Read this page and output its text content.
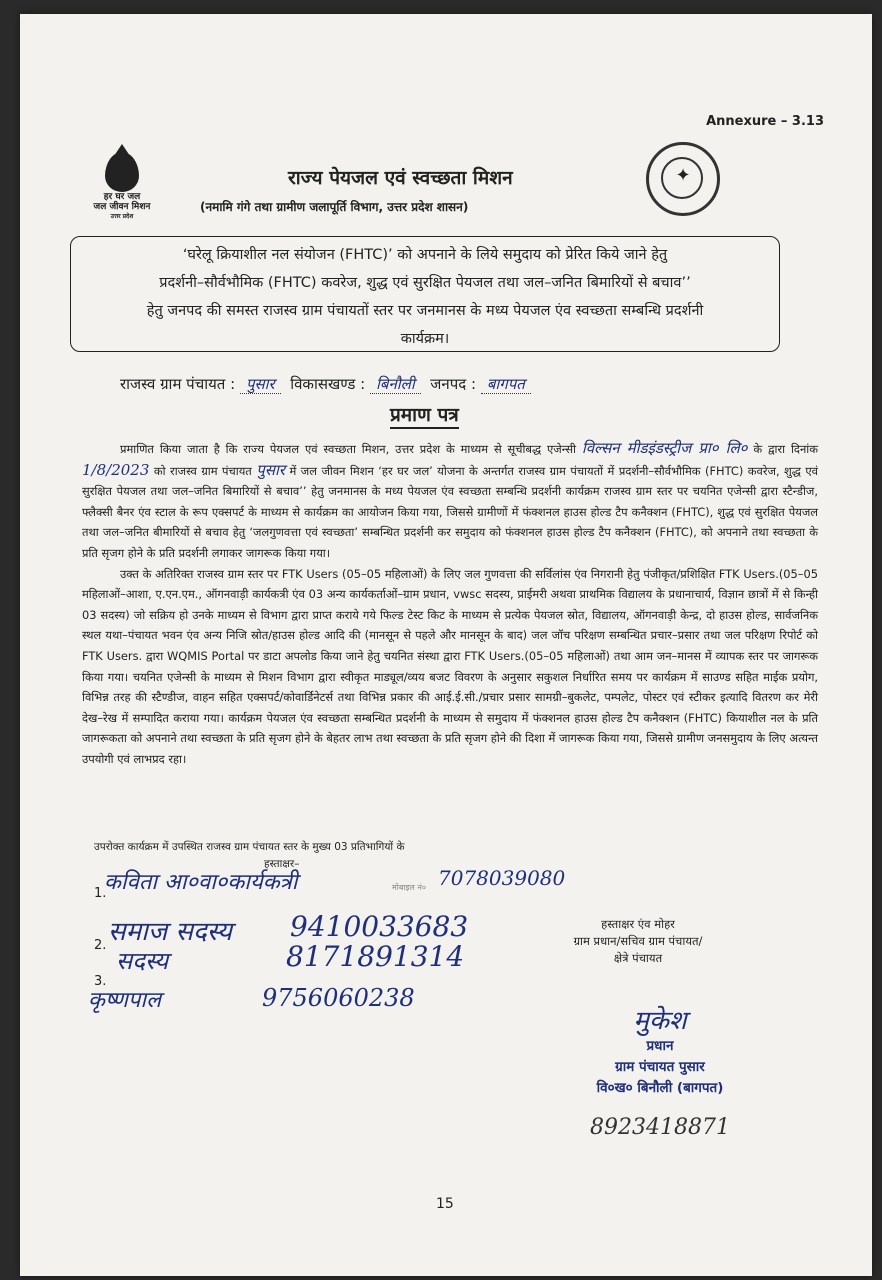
Annexure – 3.13
हर घर जल
जल जीवन मिशन
उत्तर प्रदेश
राज्य पेयजल एवं स्वच्छता मिशन
(नमामि गंगे तथा ग्रामीण जलापूर्ति विभाग, उत्तर प्रदेश शासन)
✦
‘घरेलू क्रियाशील नल संयोजन (FHTC)’ को अपनाने के लिये समुदाय को प्रेरित किये जाने हेतु
प्रदर्शनी–सौर्वभौमिक (FHTC) कवरेज, शुद्ध एवं सुरक्षित पेयजल तथा जल–जनित बिमारियों से बचाव’’
हेतु जनपद की समस्त राजस्व ग्राम पंचायतों स्तर पर जनमानस के मध्य पेयजल एंव स्वच्छता सम्बन्धि प्रदर्शनी
कार्यक्रम।
राजस्व ग्राम पंचायत : पुसार विकासखण्ड : बिनौली जनपद : बागपत
प्रमाण पत्र

प्रमाणित किया जाता है कि राज्य पेयजल एवं स्वच्छता मिशन, उत्तर प्रदेश के माध्यम से सूचीबद्ध एजेन्सी विल्सन मीडइंडस्ट्रीज प्रा० लि० के द्वारा दिनांक 1/8/2023 को राजस्व ग्राम पंचायत पुसार में जल जीवन मिशन ‘हर घर जल’ योजना के अन्तर्गत राजस्व ग्राम पंचायतों में प्रदर्शनी–सौर्वभौमिक (FHTC) कवरेज, शुद्ध एवं सुरक्षित पेयजल तथा जल–जनित बिमारियों से बचाव’’ हेतु जनमानस के मध्य पेयजल एंव स्वच्छता सम्बन्धि प्रदर्शनी कार्यक्रम राजस्व ग्राम स्तर पर चयनित एजेन्सी द्वारा स्टैन्डीज, फ्लैक्सी बैनर एंव स्टाल के रूप एक्सपर्ट के माध्यम से कार्यक्रम का आयोजन किया गया, जिससे ग्रामीणों में फंक्शनल हाउस होल्ड टैप कनैक्शन (FHTC), शुद्ध एवं सुरक्षित पेयजल तथा जल–जनित बीमारियों से बचाव हेतु ‘जलगुणवत्ता एवं स्वच्छता’ सम्बन्धित प्रदर्शनी कर समुदाय को फंक्शनल हाउस होल्ड टैप कनैक्शन (FHTC), को अपनाने तथा स्वच्छता के प्रति सृजग होने के प्रति प्रदर्शनी लगाकर जागरूक किया गया।

उक्त के अतिरिक्त राजस्व ग्राम स्तर पर FTK Users (05–05 महिलाओं) के लिए जल गुणवत्ता की सर्विलांस एंव निगरानी हेतु पंजीकृत/प्रशिक्षित FTK Users.(05–05 महिलाओं–आशा, ए.एन.एम., ऑगनवाड़ी कार्यकत्री एंव 03 अन्य कार्यकर्ताओं–ग्राम प्रधान, vwsc सदस्य, प्राईमरी अथवा प्राथमिक विद्यालय के प्रधानाचार्य, विज्ञान छात्रों में से किन्ही 03 सदस्य) जो सक्रिय हो उनके माध्यम से विभाग द्वारा प्राप्त कराये गये फिल्ड टेस्ट किट के माध्यम से प्रत्येक पेयजल स्रोत, विद्यालय, ऑगनवाड़ी केन्द्र, दो हाउस होल्ड, सार्वजनिक स्थल यथा–पंचायत भवन एंव अन्य निजि स्रोत/हाउस होल्ड आदि की (मानसून से पहले और मानसून के बाद) जल जॉच परिक्षण सम्बन्धित प्रचार–प्रसार तथा जल परिक्षण रिपोर्ट को FTK Users. द्वारा WQMIS Portal पर डाटा अपलोड किया जाने हेतु चयनित संस्था द्वारा FTK Users.(05–05 महिलाओं) तथा आम जन–मानस में व्यापक स्तर पर जागरूक किया गया। चयनित एजेन्सी के माध्यम से मिशन विभाग द्वारा स्वीकृत माड्यूल/व्यय बजट विवरण के अनुसार सकुशल निर्धारित समय पर कार्यक्रम में साउण्ड सहित माईक प्रयोग, विभिन्न तरह की स्टैण्डीज, वाहन सहित एक्सपर्ट/कोवार्डिनेटर्स तथा विभिन्न प्रकार की आई.ई.सी./प्रचार प्रसार सामग्री–बुकलेट, पम्पलेट, पोस्टर एवं स्टीकर इत्यादि वितरण कर मेरी देख–रेख में सम्पादित कराया गया। कार्यक्रम पेयजल एंव स्वच्छता सम्बन्धित प्रदर्शनी के माध्यम से समुदाय में फंक्शनल हाउस होल्ड टैप कनैक्शन (FHTC) कियाशील नल के प्रति जागरूकता को अपनाने तथा स्वच्छता के प्रति सृजग होने के बेहतर लाभ तथा स्वच्छता के प्रति सृजग होने की दिशा में जागरूक किया गया, जिससे ग्रामीण जनसमुदाय के लिए अत्यन्त उपयोगी एवं लाभप्रद रहा।

उपरोक्त कार्यक्रम में उपस्थित राजस्व ग्राम पंचायत स्तर के मुख्य 03 प्रतिभागियों के
हस्ताक्षर–
1.
कविता आ०वा०कार्यकत्री	मोबाइल नं० 7078039080
2. समाज सदस्य 9410033683
सदस्य	8171891314
3.
कृष्णपाल	9756060238
हस्ताक्षर एंव मोहर
ग्राम प्रधान/सचिव ग्राम पंचायत/
क्षेत्रे पंचायत
मुकेश
प्रधान
ग्राम पंचायत पुसार
वि०ख० बिनौली (बागपत)
8923418871
15
